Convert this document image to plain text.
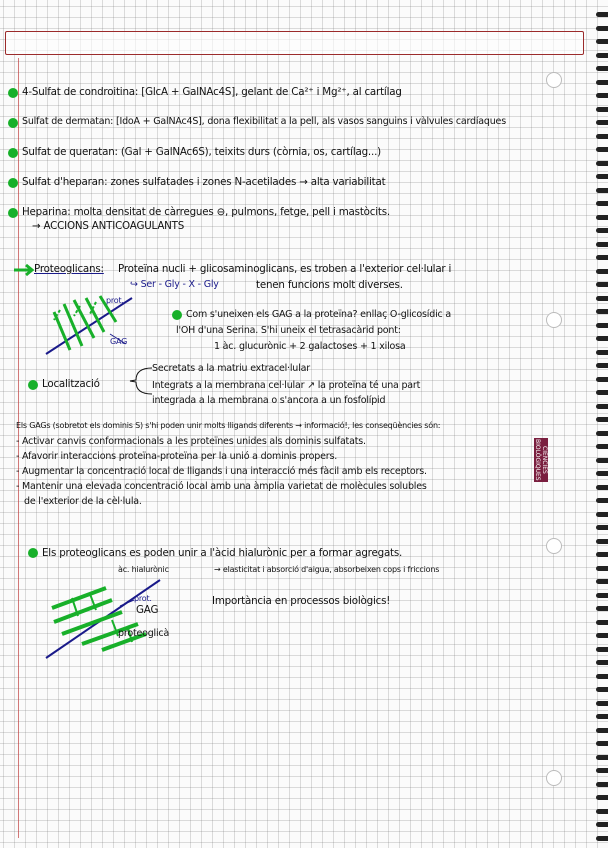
CIÈNCIES BIOLÒGIQUES
4-Sulfat de condroitina: [GlcA + GalNAc4S], gelant de Ca²⁺ i Mg²⁺, al cartílag
Sulfat de dermatan: [IdoA + GalNAc4S], dona flexibilitat a la pell, als vasos sanguins i vàlvules cardíaques
Sulfat de queratan: (Gal + GalNAc6S), teixits durs (còrnia, os, cartílag...)
Sulfat d'heparan: zones sulfatades i zones N-acetilades → alta variabilitat
Heparina: molta densitat de càrregues ⊖, pulmons, fetge, pell i mastòcits.
→ ACCIONS ANTICOAGULANTS
Proteoglicans: Proteïna nucli + glicosaminoglicans, es troben a l'exterior cel·lular i
↪ Ser - Gly - X - Gly	tenen funcions molt diverses.
prot.
GAG
Com s'uneixen els GAG a la proteïna? enllaç O-glicosídic a
l'OH d'una Serina. S'hi uneix el tetrasacàrid pont:
1 àc. glucurònic + 2 galactoses + 1 xilosa
Secretats a la matriu extracel·lular
Localització	Integrats a la membrana cel·lular ↗ la proteïna té una part
integrada a la membrana o s'ancora a un fosfolípid
Els GAGs (sobretot els dominis S) s'hi poden unir molts lligands diferents → informació!, les conseqüències són:
- Activar canvis conformacionals a les proteïnes unides als dominis sulfatats.
- Afavorir interaccions proteïna-proteïna per la unió a dominis propers.
- Augmentar la concentració local de lligands i una interacció més fàcil amb els receptors.
- Mantenir una elevada concentració local amb una àmplia varietat de molècules solubles
de l'exterior de la cèl·lula.
Els proteoglicans es poden unir a l'àcid hialurònic per a formar agregats.
àc. hialurònic	→ elasticitat i absorció d'aigua, absorbeixen cops i friccions
prot.
GAG
Importància en processos biològics!
proteoglicà
